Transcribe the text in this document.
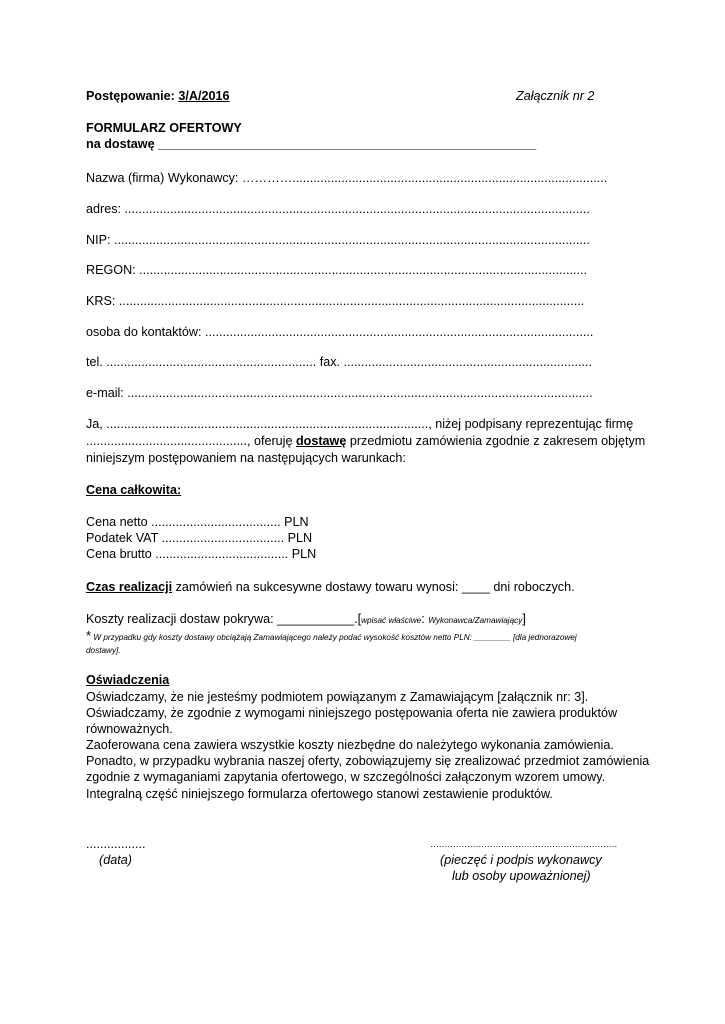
Postępowanie: 3/A/2016	Załącznik nr 2
FORMULARZ OFERTOWY
na dostawę ______________________________________________________
Nazwa (firma) Wykonawcy: …………..........................................................................................
adres: .....................................................................................................................................
NIP: ........................................................................................................................................
REGON: ................................................................................................................................
KRS: .....................................................................................................................................
osoba do kontaktów: ...............................................................................................................
tel. ............................................................ fax. .......................................................................
e-mail: .....................................................................................................................................
Ja, ............................................................................................, niżej podpisany reprezentując firmę
.............................................., oferuję dostawę przedmiotu zamówienia zgodnie z zakresem objętym
niniejszym postępowaniem na następujących warunkach:
Cena całkowita:
Cena netto ..................................... PLN
Podatek VAT ................................... PLN
Cena brutto ...................................... PLN
Czas realizacji zamówień na sukcesywne dostawy towaru wynosi: ____ dni roboczych.
Koszty realizacji dostaw pokrywa: ___________.[wpisać właściwe: Wykonawca/Zamawiający]
* W przypadku gdy koszty dostawy obciążają Zamawiającego należy podać wysokość kosztów netto PLN: ________ [dla jednorazowej
dostawy].
Oświadczenia
Oświadczamy, że nie jesteśmy podmiotem powiązanym z Zamawiającym [załącznik nr: 3].
Oświadczamy, że zgodnie z wymogami niniejszego postępowania oferta nie zawiera produktów
równoważnych.
Zaoferowana cena zawiera wszystkie koszty niezbędne do należytego wykonania zamówienia.
Ponadto, w przypadku wybrania naszej oferty, zobowiązujemy się zrealizować przedmiot zamówienia
zgodnie z wymaganiami zapytania ofertowego, w szczególności załączonym wzorem umowy.
Integralną część niniejszego formularza ofertowego stanowi zestawienie produktów.
.................
(data)
…………………………………………………………
(pieczęć i podpis wykonawcy
lub osoby upoważnionej)
